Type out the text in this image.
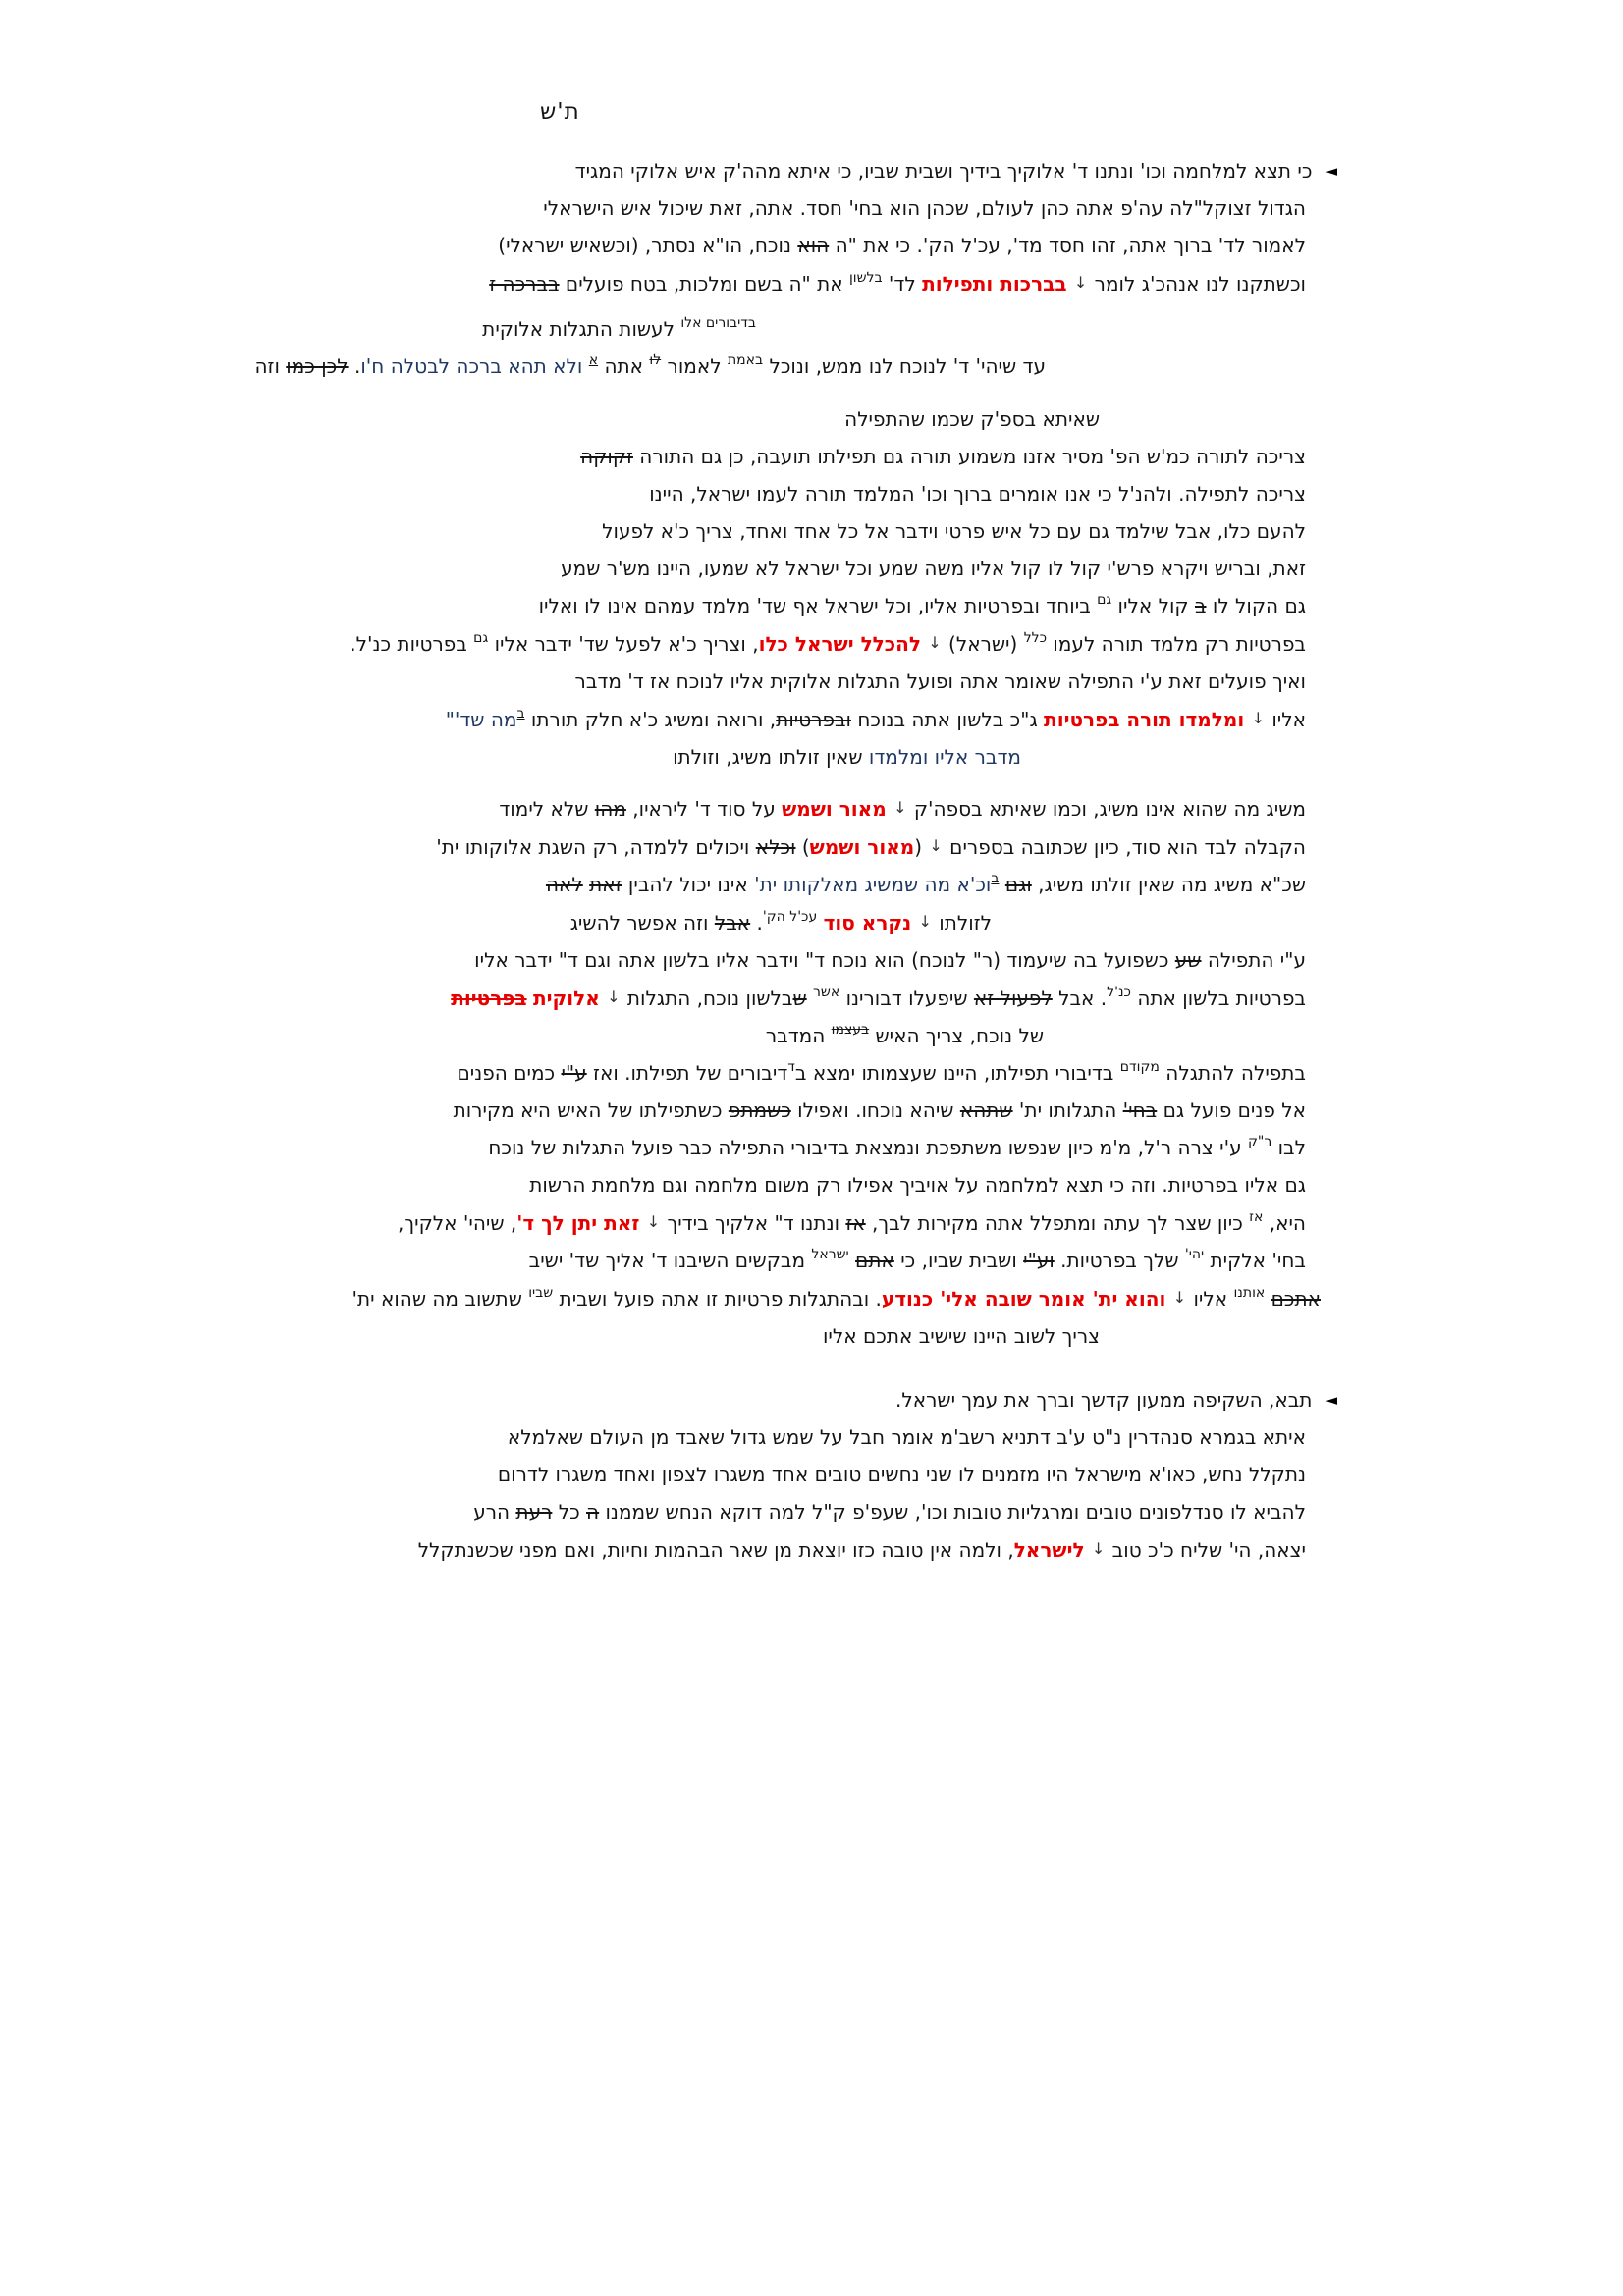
ת'ש
◄כי תצא למלחמה וכו' ונתנו ד' אלוקיך בידיך ושבית שביו, כי איתא מהה'ק איש אלוקי המגיד
הגדול זצוקל"לה עה'פ אתה כהן לעולם, שכהן הוא בחי' חסד. אתה, זאת שיכול איש הישראלי
לאמור לד' ברוך אתה, זהו חסד מד', עכ'ל הק'. כי את "ה הוא נוכח, הו"א נסתר, (וכשאיש ישראלי)
וכשתקנו לנו אנהכ'ג לומר ↓ בברכות ותפילות לד' $^{בלשון}$ את "ה בשם ומלכות, בטח פועלים בברכה ז
$^{בדיבורים אלו}$ לעשות התגלות אלוקית
עד שיהי' ד' לנוכח לנו ממש, ונוכל $^{באמת}$ לאמור $^{לו}$ אתה $^א$ ולא תהא ברכה לבטלה ח'ו. לכן כמו וזה
שאיתא בספ'ק שכמו שהתפילה
צריכה לתורה כמ'ש הפ' מסיר אזנו משמוע תורה גם תפילתו תועבה, כן גם התורה זקוקה
צריכה לתפילה. ולהנ'ל כי אנו אומרים ברוך וכו' המלמד תורה לעמו ישראל, היינו
להעם כלו, אבל שילמד גם עם כל איש פרטי וידבר אל כל אחד ואחד, צריך כ'א לפעול
זאת, ובריש ויקרא פרש'י קול לו קול אליו משה שמע וכל ישראל לא שמעו, היינו מש'ר שמע
גם הקול לו ב קול אליו $^{גם}$ ביוחד ובפרטיות אליו, וכל ישראל אף שד' מלמד עמהם אינו לו ואליו
בפרטיות רק מלמד תורה לעמו $^{כלל}$ (ישראל) ↓ להכלל ישראל כלו, וצריך כ'א לפעל שד' ידבר אליו $^{גם}$ בפרטיות כנ'ל.
ואיך פועלים זאת ע'י התפילה שאומר אתה ופועל התגלות אלוקית אליו לנוכח אז ד' מדבר
אליו ↓ ומלמדו תורה בפרטיות ג"כ בלשון אתה בנוכח ובפרטיות, ורואה ומשיג כ'א חלק תורתו $^ב$מה שד'"
מדבר אליו ומלמדו שאין זולתו משיג, וזולתו
משיג מה שהוא אינו משיג, וכמו שאיתא בספה'ק ↓ מאור ושמש על סוד ד' ליראיו, מהו שלא לימוד
הקבלה לבד הוא סוד, כיון שכתובה בספרים ↓ (מאור ושמש) וכלא ויכולים ללמדה, רק השגת אלוקותו ית'
שכ"א משיג מה שאין זולתו משיג, וגם $^ב$וכ'א מה שמשיג מאלקותו ית' אינו יכול להבין זאת לאה
לזולתו ↓ נקרא סוד $^{עכ'ל הק'}$. אבל וזה אפשר להשיג
ע"י התפילה שע כשפועל בה שיעמוד (ר" לנוכח) הוא נוכח ד" וידבר אליו בלשון אתה וגם ד" ידבר אליו
בפרטיות בלשון אתה $^{כנ'ל}$. אבל לפעול זא שיפעלו דבורינו $^{אשר}$ שבלשון נוכח, התגלות ↓ אלוקית בפרטיות
של נוכח, צריך האיש $^{בעצמו}$ המדבר
בתפילה להתגלה $^{מקודם}$ בדיבורי תפילתו, היינו שעצמותו ימצא ב$^ד$דיבורים של תפילתו. ואז ע"י כמים הפנים
אל פנים פועל גם בחי' התגלותו ית' שתהא שיהא נוכחו. ואפילו כשמתפ כשתפילתו של האיש היא מקירות
לבו $^{ר"ק}$ ע'י צרה ר'ל, מ'מ כיון שנפשו משתפכת ונמצאת בדיבורי התפילה כבר פועל התגלות של נוכח
גם אליו בפרטיות. וזה כי תצא למלחמה על אויביך אפילו רק משום מלחמה וגם מלחמת הרשות
היא, $^{אז}$ כיון שצר לך עתה ומתפלל אתה מקירות לבך, אז ונתנו ד" אלקיך בידיך ↓ זאת יתן לך ד', שיהי' אלקיך,
בחי' אלקית $^{יהי'}$ שלך בפרטיות. וע"י ושבית שביו, כי אתם $^{ישראל}$ מבקשים השיבנו ד' אליך שד' ישיב
אתכם $^{אותנו}$ אליו ↓ והוא ית' אומר שובה אלי' כנודע. ובהתגלות פרטיות זו אתה פועל ושבית $^{שביו}$ שתשוב מה שהוא ית'
צריך לשוב היינו שישיב אתכם אליו
◄תבא, השקיפה ממעון קדשך וברך את עמך ישראל.
איתא בגמרא סנהדרין נ"ט ע'ב דתניא רשב'מ אומר חבל על שמש גדול שאבד מן העולם שאלמלא
נתקלל נחש, כאו'א מישראל היו מזמנים לו שני נחשים טובים אחד משגרו לצפון ואחד משגרו לדרום
להביא לו סנדלפונים טובים ומרגליות טובות וכו', שעפ'פ ק"ל למה דוקא הנחש שממנו ה כל רעת הרע
יצאה, הי' שליח כ'כ טוב ↓ לישראל, ולמה אין טובה כזו יוצאת מן שאר הבהמות וחיות, ואם מפני שכשנתקלל
